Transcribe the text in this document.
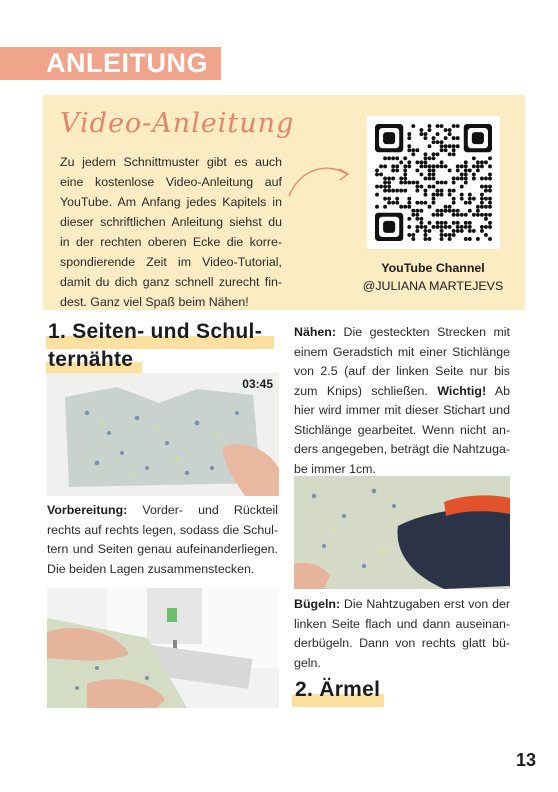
ANLEITUNG
Video-Anleitung
Zu jedem Schnittmuster gibt es auch eine kostenlose Video-Anleitung auf YouTube. Am Anfang jedes Kapitels in dieser schriftlichen Anleitung siehst du in der rechten oberen Ecke die korrespondierende Zeit im Video-Tutorial, damit du dich ganz schnell zurecht findest. Ganz viel Spaß beim Nähen!
YouTube Channel
@JULIANA MARTEJEVS
1. Seiten- und Schul-
ternähte
03:45
Vorbereitung: Vorder- und Rückteil rechts auf rechts legen, sodass die Schultern und Seiten genau aufeinanderliegen. Die beiden Lagen zusammenstecken.
Nähen: Die gesteckten Strecken mit einem Geradstich mit einer Stichlänge von 2.5 (auf der linken Seite nur bis zum Knips) schließen. Wichtig! Ab hier wird immer mit dieser Stichart und Stichlänge gearbeitet. Wenn nicht anders angegeben, beträgt die Nahtzugabe immer 1cm.
Bügeln: Die Nahtzugaben erst von der linken Seite flach und dann auseinanderbügeln. Dann von rechts glatt bügeln.
2. Ärmel
13
